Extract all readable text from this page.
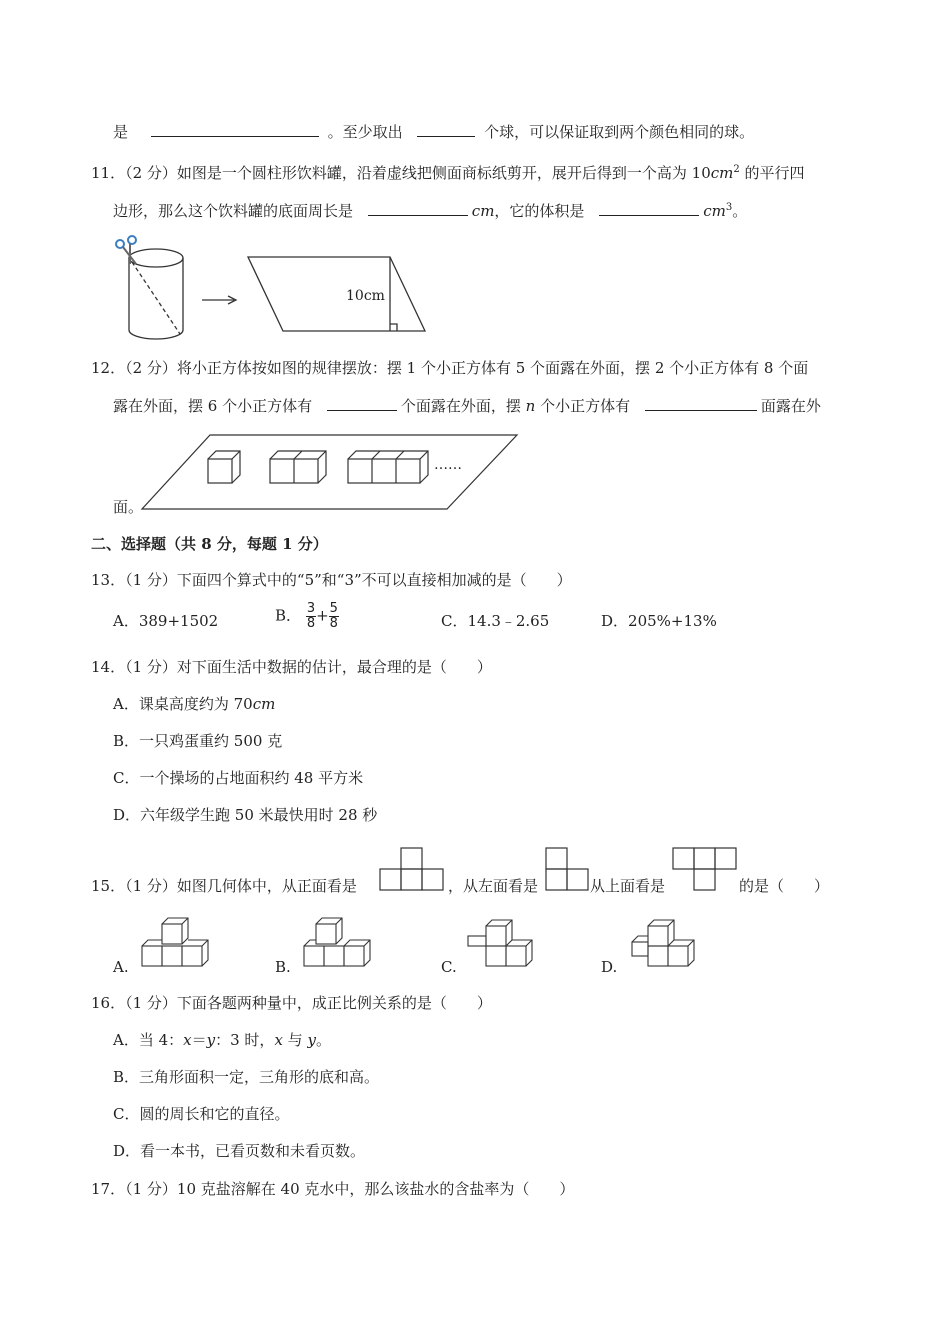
是	。至少取出	个球，可以保证取到两个颜色相同的球。
11．（2 分）如图是一个圆柱形饮料罐，沿着虚线把侧面商标纸剪开，展开后得到一个高为 $10cm^2$ 的平行四
边形，那么这个饮料罐的底面周长是	cm，它的体积是	$cm^3$。
10cm
12．（2 分）将小正方体按如图的规律摆放：摆 1 个小正方体有 5 个面露在外面，摆 2 个小正方体有 8 个面
露在外面，摆 6 个小正方体有	个面露在外面，摆 n 个小正方体有	面露在外
……
面。
二、选择题（共 8 分，每题 1 分）
13．（1 分）下面四个算式中的“5”和“3”不可以直接相加减的是（　　）
A．389+1502	B． $\frac{3}{8} + \frac{5}{8}$	C．14.3﹣2.65	D．205%+13%
14．（1 分）对下面生活中数据的估计，最合理的是（　　）
A．课桌高度约为 70cm
B．一只鸡蛋重约 500 克
C．一个操场的占地面积约 48 平方米
D．六年级学生跑 50 米最快用时 28 秒
15．（1 分）如图几何体中，从正面看是	，从左面看是	从上面看是	的是（　　）
A.	B.	C.	D.
16．（1 分）下面各题两种量中，成正比例关系的是（　　）
A．当 4：x＝y：3 时，x 与 y。
B．三角形面积一定，三角形的底和高。
C．圆的周长和它的直径。
D．看一本书，已看页数和未看页数。
17．（1 分）10 克盐溶解在 40 克水中，那么该盐水的含盐率为（　　）
